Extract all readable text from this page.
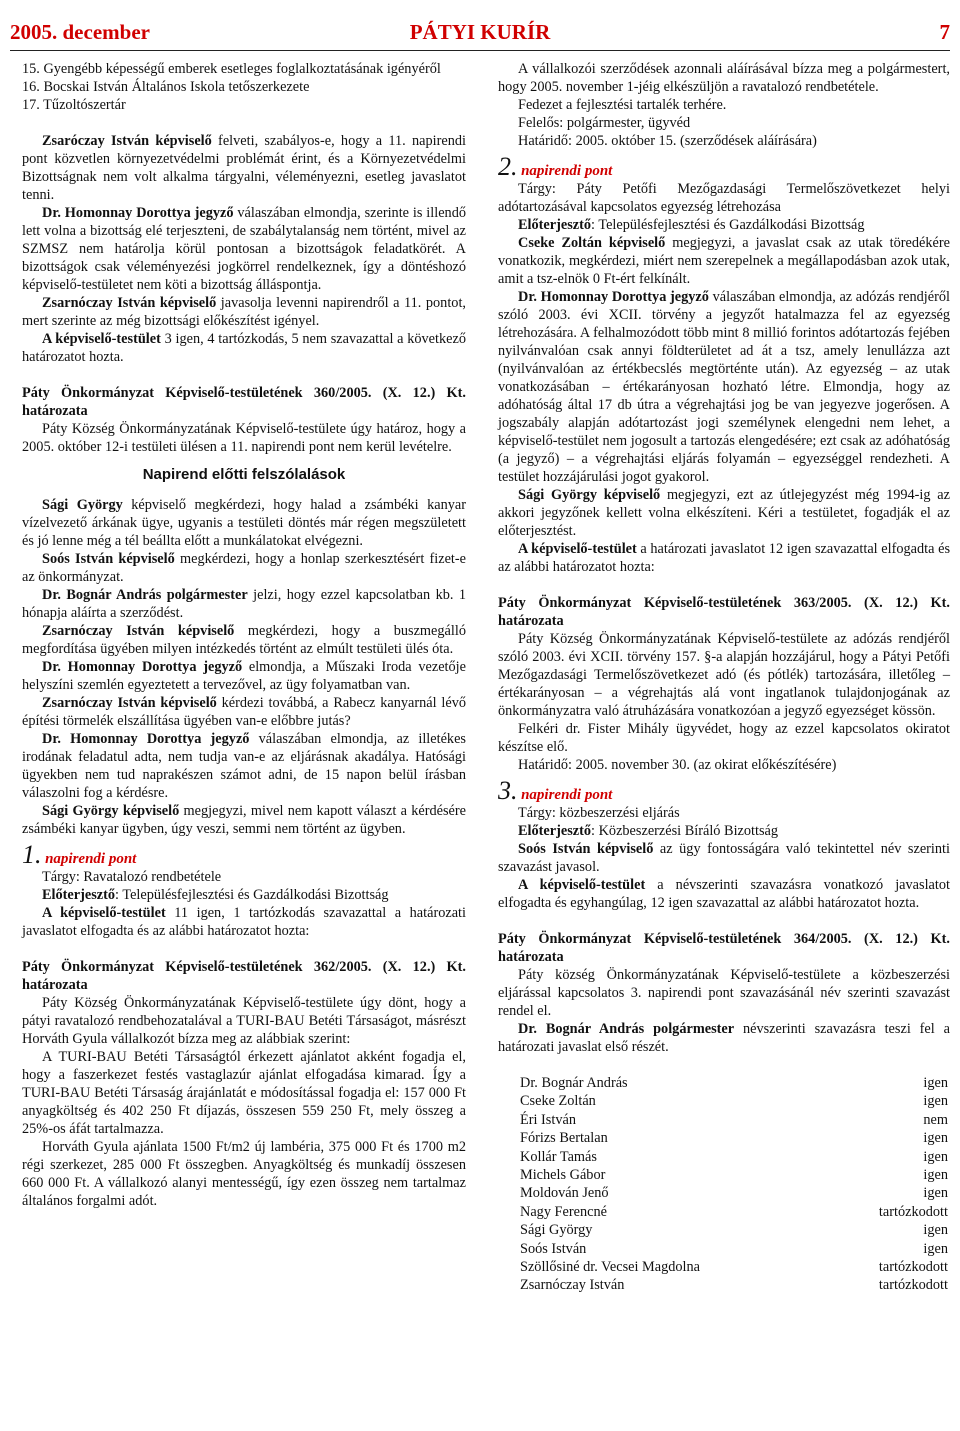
2005. december	PÁTYI KURÍR	7

15. Gyengébb képességű emberek esetleges foglalkoztatásának igényéről

16. Bocskai István Általános Iskola tetőszerkezete

17. Tűzoltószertár

Zsaróczay István képviselő felveti, szabályos-e, hogy a 11. napirendi pont közvetlen környezetvédelmi problémát érint, és a Környezetvédelmi Bizottságnak nem volt alkalma tárgyalni, véleményezni, esetleg javaslatot tenni.

Dr. Homonnay Dorottya jegyző válaszában elmondja, szerinte is illendő lett volna a bizottság elé terjeszteni, de szabálytalanság nem történt, mivel az SZMSZ nem határolja körül pontosan a bizottságok feladatkörét. A bizottságok csak véleményezési jogkörrel rendelkeznek, így a döntéshozó képviselő-testületet nem köti a bizottság álláspontja.

Zsarnóczay István képviselő javasolja levenni napirendről a 11. pontot, mert szerinte az még bizottsági előkészítést igényel.

A képviselő-testület 3 igen, 4 tartózkodás, 5 nem szavazattal a következő határozatot hozta.

Páty Önkormányzat Képviselő-testületének 360/2005. (X. 12.) Kt. határozata

Páty Község Önkormányzatának Képviselő-testülete úgy határoz, hogy a 2005. október 12-i testületi ülésen a 11. napirendi pont nem kerül levételre.

Napirend előtti felszólalások

Sági György képviselő megkérdezi, hogy halad a zsámbéki kanyar vízelvezető árkának ügye, ugyanis a testületi döntés már régen megszületett és jó lenne még a tél beállta előtt a munkálatokat elvégezni.

Soós István képviselő megkérdezi, hogy a honlap szerkesztésért fizet-e az önkormányzat.

Dr. Bognár András polgármester jelzi, hogy ezzel kapcsolatban kb. 1 hónapja aláírta a szerződést.

Zsarnóczay István képviselő megkérdezi, hogy a buszmegálló megfordítása ügyében milyen intézkedés történt az elmúlt testületi ülés óta.

Dr. Homonnay Dorottya jegyző elmondja, a Műszaki Iroda vezetője helyszíni szemlén egyeztetett a tervezővel, az ügy folyamatban van.

Zsarnóczay István képviselő kérdezi továbbá, a Rabecz kanyarnál lévő építési törmelék elszállítása ügyében van-e előbbre jutás?

Dr. Homonnay Dorottya jegyző válaszában elmondja, az illetékes irodának feladatul adta, nem tudja van-e az eljárásnak akadálya. Hatósági ügyekben nem tud naprakészen számot adni, de 15 napon belül írásban válaszolni fog a kérdésre.

Sági György képviselő megjegyzi, mivel nem kapott választ a kérdésére zsámbéki kanyar ügyben, úgy veszi, semmi nem történt az ügyben.

1. napirendi pont

Tárgy: Ravatalozó rendbetétele

Előterjesztő: Településfejlesztési és Gazdálkodási Bizottság

A képviselő-testület 11 igen, 1 tartózkodás szavazattal a határozati javaslatot elfogadta és az alábbi határozatot hozta:

Páty Önkormányzat Képviselő-testületének 362/2005. (X. 12.) Kt. határozata

Páty Község Önkormányzatának Képviselő-testülete úgy dönt, hogy a pátyi ravatalozó rendbehozatalával a TURI-BAU Betéti Társaságot, másrészt Horváth Gyula vállalkozót bízza meg az alábbiak szerint:

A TURI-BAU Betéti Társaságtól érkezett ajánlatot akként fogadja el, hogy a faszerkezet festés vastaglazúr ajánlat elfogadása kimarad. Így a TURI-BAU Betéti Társaság árajánlatát e módosítással fogadja el: 157 000 Ft anyagköltség és 402 250 Ft díjazás, összesen 559 250 Ft, mely összeg a 25%-os áfát tartalmazza.

Horváth Gyula ajánlata 1500 Ft/m2 új lambéria, 375 000 Ft és 1700 m2 régi szerkezet, 285 000 Ft összegben. Anyagköltség és munkadíj összesen 660 000 Ft. A vállalkozó alanyi mentességű, így ezen összeg nem tartalmaz általános forgalmi adót.

A vállalkozói szerződések azonnali aláírásával bízza meg a polgármestert, hogy 2005. november 1-jéig elkészüljön a ravatalozó rendbetétele.

Fedezet a fejlesztési tartalék terhére.

Felelős: polgármester, ügyvéd

Határidő: 2005. október 15. (szerződések aláírására)

2. napirendi pont

Tárgy: Páty Petőfi Mezőgazdasági Termelőszövetkezet helyi adótartozásával kapcsolatos egyezség létrehozása

Előterjesztő: Településfejlesztési és Gazdálkodási Bizottság

Cseke Zoltán képviselő megjegyzi, a javaslat csak az utak töredékére vonatkozik, megkérdezi, miért nem szerepelnek a megállapodásban azok utak, amit a tsz-elnök 0 Ft-ért felkínált.

Dr. Homonnay Dorottya jegyző válaszában elmondja, az adózás rendjéről szóló 2003. évi XCII. törvény a jegyzőt hatalmazza fel az egyezség létrehozására. A felhalmozódott több mint 8 millió forintos adótartozás fejében nyilvánvalóan csak annyi földterületet ad át a tsz, amely lenullázza azt (nyilvánvalóan az értékbecslés megtörténte után). Az egyezség – az utak vonatkozásában – értékarányosan hozható létre. Elmondja, hogy az adóhatóság által 17 db útra a végrehajtási jog be van jegyezve jogerősen. A jogszabály alapján adótartozást jogi személynek elengedni nem lehet, a képviselő-testület nem jogosult a tartozás elengedésére; ezt csak az adóhatóság (a jegyző) – a végrehajtási eljárás folyamán – egyezséggel rendezheti. A testület hozzájárulási jogot gyakorol.

Sági György képviselő megjegyzi, ezt az útlejegyzést még 1994-ig az akkori jegyzőnek kellett volna elkészíteni. Kéri a testületet, fogadják el az előterjesztést.

A képviselő-testület a határozati javaslatot 12 igen szavazattal elfogadta és az alábbi határozatot hozta:

Páty Önkormányzat Képviselő-testületének 363/2005. (X. 12.) Kt. határozata

Páty Község Önkormányzatának Képviselő-testülete az adózás rendjéről szóló 2003. évi XCII. törvény 157. §-a alapján hozzájárul, hogy a Pátyi Petőfi Mezőgazdasági Termelőszövetkezet adó (és pótlék) tartozására, illetőleg – értékarányosan – a végrehajtás alá vont ingatlanok tulajdonjogának az önkormányzatra való átruházására vonatkozóan a jegyző egyezséget kössön.

Felkéri dr. Fister Mihály ügyvédet, hogy az ezzel kapcsolatos okiratot készítse elő.

Határidő: 2005. november 30. (az okirat előkészítésére)

3. napirendi pont

Tárgy: közbeszerzési eljárás

Előterjesztő: Közbeszerzési Bíráló Bizottság

Soós István képviselő az ügy fontosságára való tekintettel név szerinti szavazást javasol.

A képviselő-testület a névszerinti szavazásra vonatkozó javaslatot elfogadta és egyhangúlag, 12 igen szavazattal az alábbi határozatot hozta.

Páty Önkormányzat Képviselő-testületének 364/2005. (X. 12.) Kt. határozata

Páty község Önkormányzatának Képviselő-testülete a közbeszerzési eljárással kapcsolatos 3. napirendi pont szavazásánál név szerinti szavazást rendel el.

Dr. Bognár András polgármester névszerinti szavazásra teszi fel a határozati javaslat első részét.

Dr. Bognár András	igen
Cseke Zoltán	igen
Éri István	nem
Fórizs Bertalan	igen
Kollár Tamás	igen
Michels Gábor	igen
Moldován Jenő	igen
Nagy Ferencné	tartózkodott
Sági György	igen
Soós István	igen
Szöllősiné dr. Vecsei Magdolna	tartózkodott
Zsarnóczay István	tartózkodott
